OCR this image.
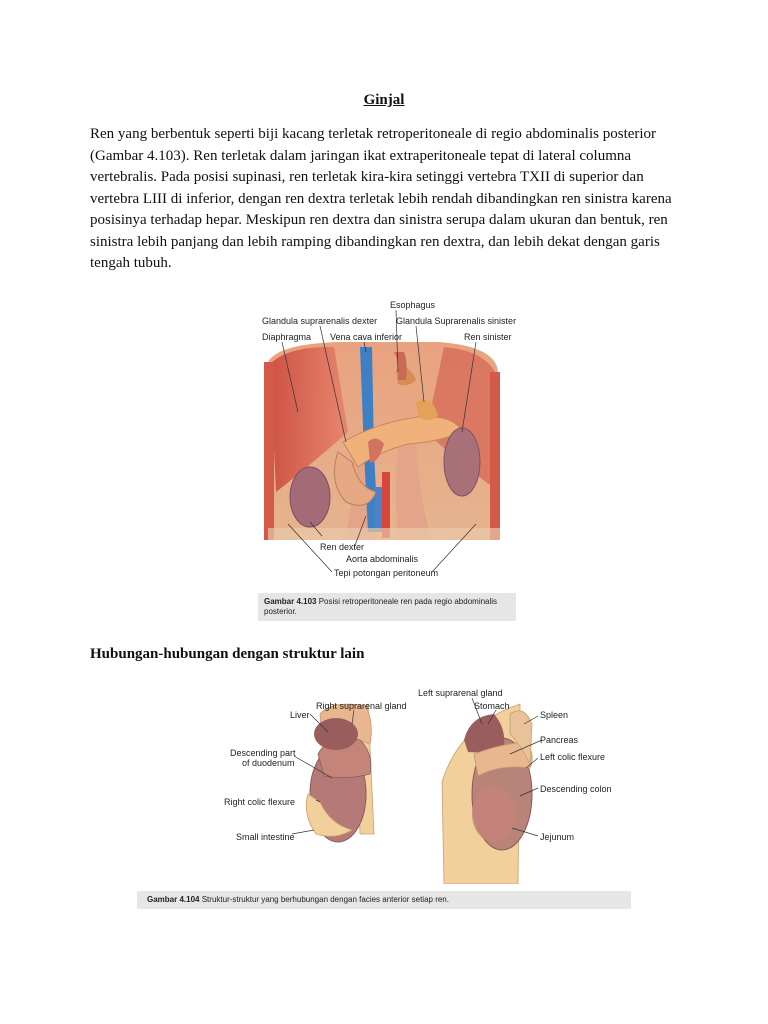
Ginjal

Ren yang berbentuk seperti biji kacang terletak retroperitoneale di regio abdominalis posterior (Gambar 4.103). Ren terletak dalam jaringan ikat extraperitoneale tepat di lateral columna vertebralis. Pada posisi supinasi, ren terletak kira-kira setinggi vertebra TXII di superior dan vertebra LIII di inferior, dengan ren dextra terletak lebih rendah dibandingkan ren sinistra karena posisinya terhadap hepar. Meskipun ren dextra dan sinistra serupa dalam ukuran dan bentuk, ren sinistra lebih panjang dan lebih ramping dibandingkan ren dextra, dan lebih dekat dengan garis tengah tubuh.

Esophagus
Glandula suprarenalis dexter Glandula Suprarenalis sinister
Diaphragma Vena cava inferior	Ren sinister
Ren dexter
Aorta abdominalis
Tepi potongan peritoneum
Gambar 4.103 Posisi retroperitoneale ren pada regio abdominalis posterior.
Hubungan-hubungan dengan struktur lain
Left suprarenal gland
Right suprarenal gland	Stomach
Liver	Spleen
Pancreas
Descending part
of duodenum
Left colic flexure
Descending colon
Right colic flexure
Small intestine	Jejunum
Gambar 4.104 Struktur-struktur yang berhubungan dengan facies anterior setiap ren.
